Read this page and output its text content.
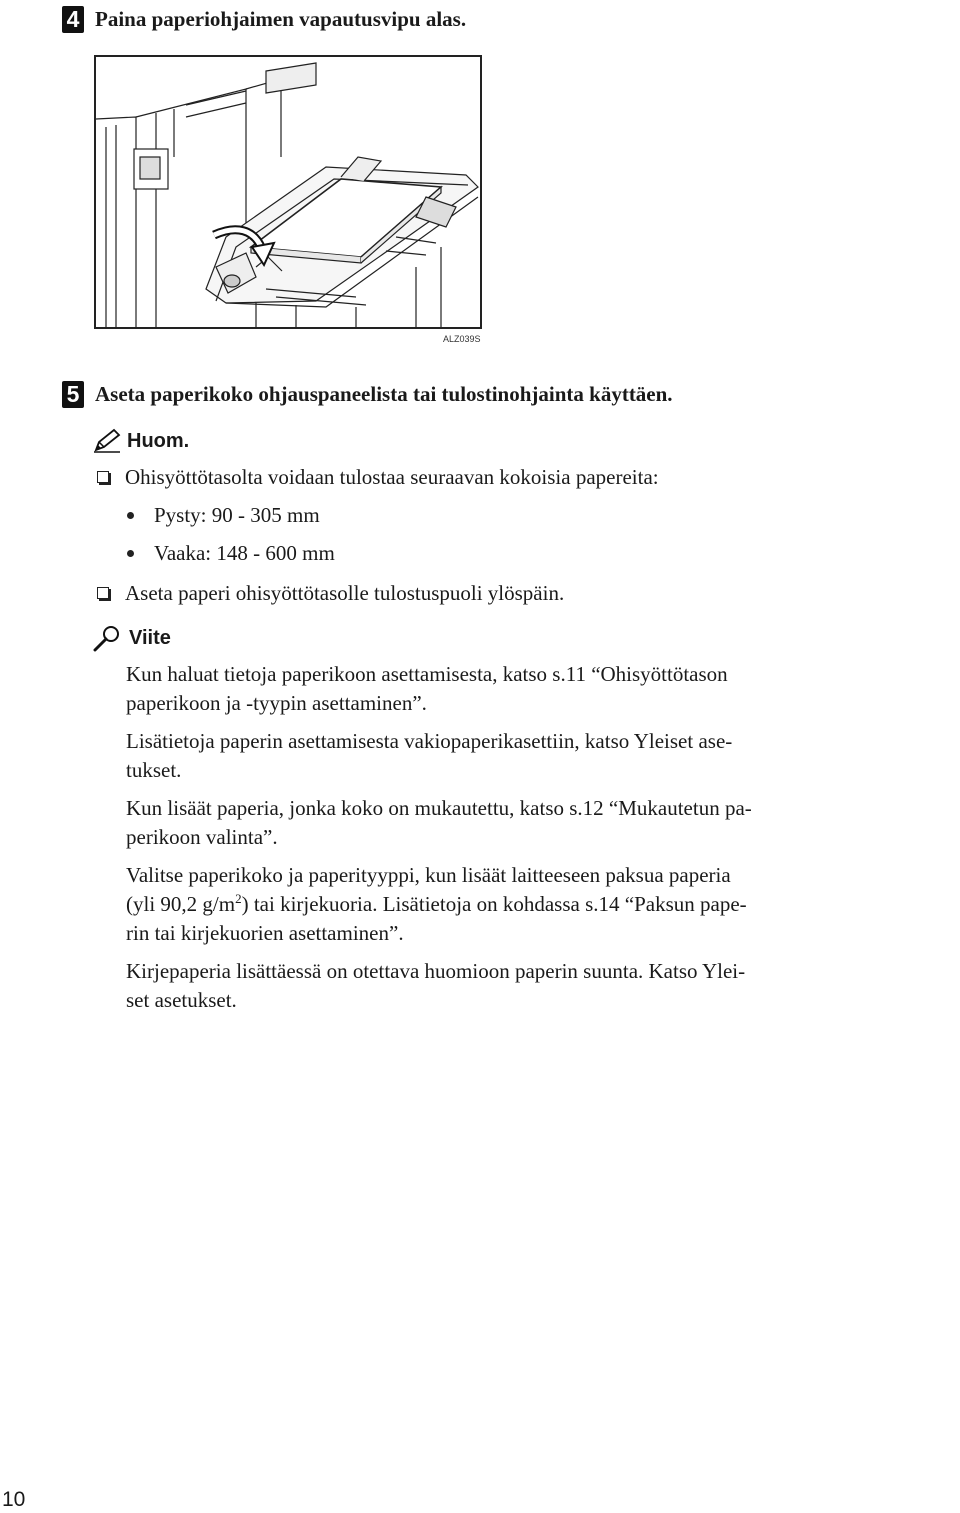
4 Paina paperiohjaimen vapautusvipu alas.
ALZ039S
5 Aseta paperikoko ohjauspaneelista tai tulostinohjainta käyttäen.
Huom.
Ohisyöttötasolta voidaan tulostaa seuraavan kokoisia papereita:
Pysty: 90 - 305 mm
Vaaka: 148 - 600 mm
Aseta paperi ohisyöttötasolle tulostuspuoli ylöspäin.
Viite
Kun haluat tietoja paperikoon asettamisesta, katso s.11 “Ohisyöttötason
paperikoon ja -tyypin asettaminen”.
Lisätietoja paperin asettamisesta vakiopaperikasettiin, katso Yleiset ase-
tukset.
Kun lisäät paperia, jonka koko on mukautettu, katso s.12 “Mukautetun pa-
perikoon valinta”.
Valitse paperikoko ja paperityyppi, kun lisäät laitteeseen paksua paperia
(yli 90,2 $g/m^2$) tai kirjekuoria. Lisätietoja on kohdassa s.14 “Paksun pape-
rin tai kirjekuorien asettaminen”.
Kirjepaperia lisättäessä on otettava huomioon paperin suunta. Katso Ylei-
set asetukset.
10
